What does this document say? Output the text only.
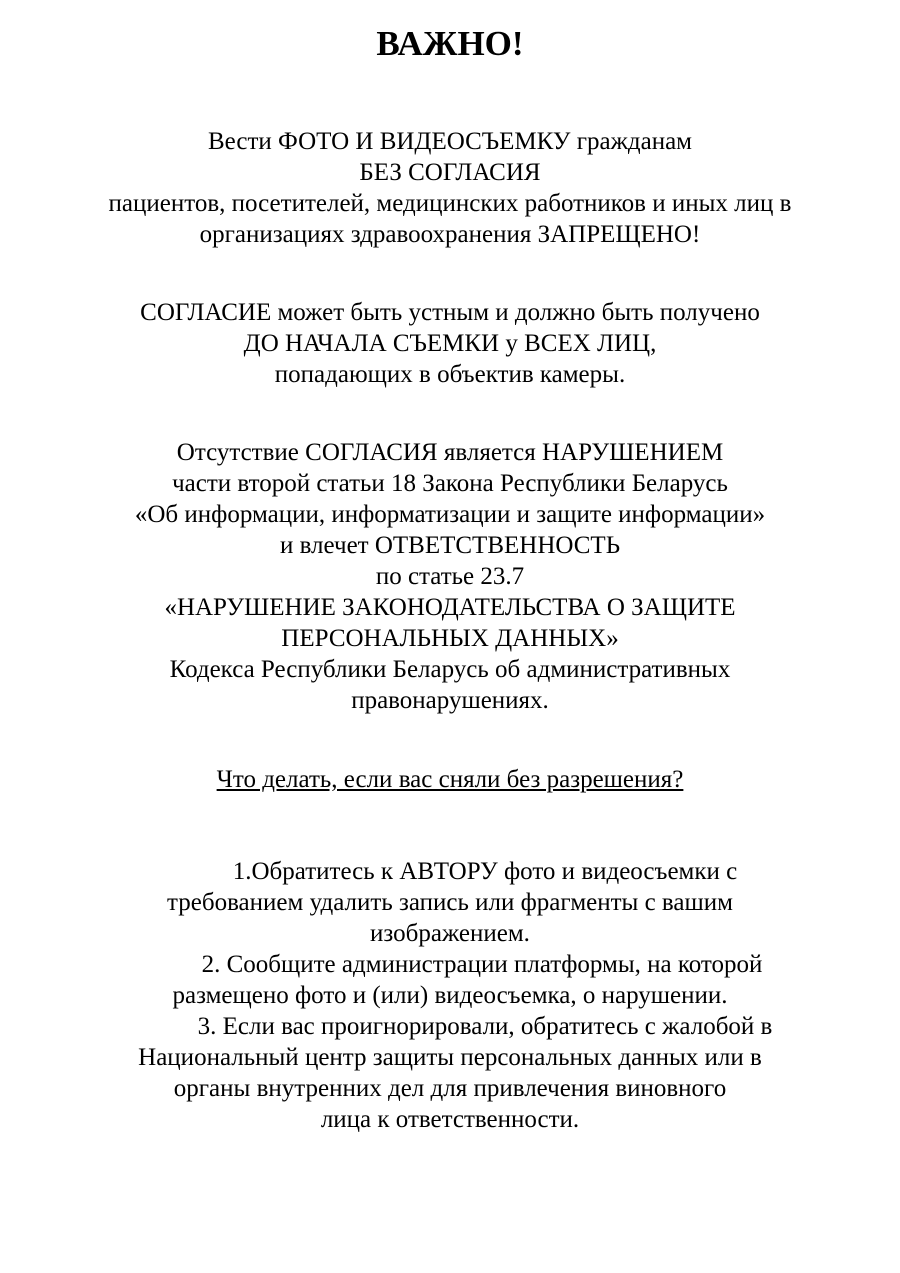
ВАЖНО!
Вести ФОТО И ВИДЕОСЪЕМКУ гражданам
БЕЗ СОГЛАСИЯ
пациентов, посетителей, медицинских работников и иных лиц в
организациях здравоохранения ЗАПРЕЩЕНО!
СОГЛАСИЕ может быть устным и должно быть получено
ДО НАЧАЛА СЪЕМКИ у ВСЕХ ЛИЦ,
попадающих в объектив камеры.
Отсутствие СОГЛАСИЯ является НАРУШЕНИЕМ
части второй статьи 18 Закона Республики Беларусь
«Об информации, информатизации и защите информации»
и влечет ОТВЕТСТВЕННОСТЬ
по статье 23.7
«НАРУШЕНИЕ ЗАКОНОДАТЕЛЬСТВА О ЗАЩИТЕ
ПЕРСОНАЛЬНЫХ ДАННЫХ»
Кодекса Республики Беларусь об административных
правонарушениях.
Что делать, если вас сняли без разрешения?
1.Обратитесь к АВТОРУ фото и видеосъемки с
требованием удалить запись или фрагменты с вашим
изображением.
2. Сообщите администрации платформы, на которой
размещено фото и (или) видеосъемка, о нарушении.
3. Если вас проигнорировали, обратитесь с жалобой в
Национальный центр защиты персональных данных или в
органы внутренних дел для привлечения виновного
лица к ответственности.
